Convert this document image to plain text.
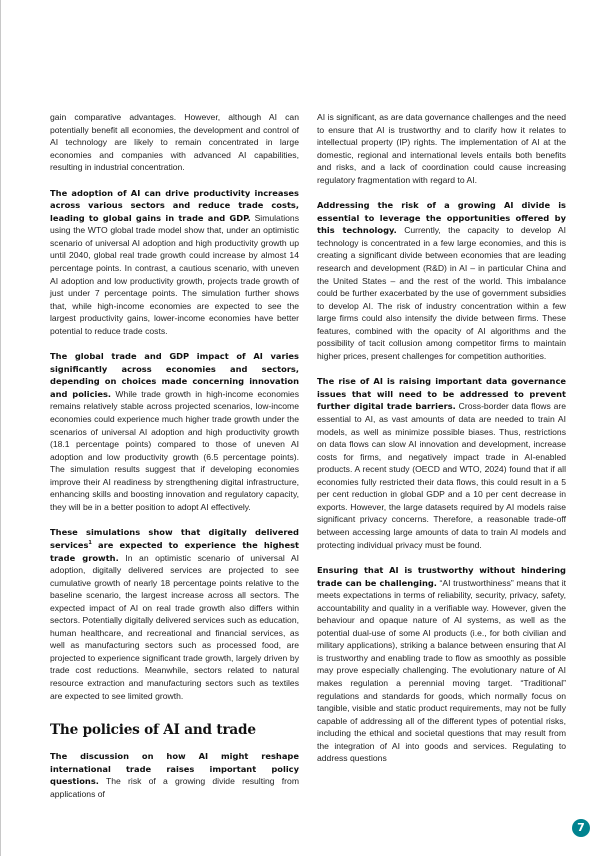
gain comparative advantages. However, although AI can potentially benefit all economies, the development and control of AI technology are likely to remain concentrated in large economies and companies with advanced AI capabilities, resulting in industrial concentration.

The adoption of AI can drive productivity increases across various sectors and reduce trade costs, leading to global gains in trade and GDP. Simulations using the WTO global trade model show that, under an optimistic scenario of universal AI adoption and high productivity growth up until 2040, global real trade growth could increase by almost 14 percentage points. In contrast, a cautious scenario, with uneven AI adoption and low productivity growth, projects trade growth of just under 7 percentage points. The simulation further shows that, while high-income economies are expected to see the largest productivity gains, lower-income economies have better potential to reduce trade costs.

The global trade and GDP impact of AI varies significantly across economies and sectors, depending on choices made concerning innovation and policies. While trade growth in high-income economies remains relatively stable across projected scenarios, low-income economies could experience much higher trade growth under the scenarios of universal AI adoption and high productivity growth (18.1 percentage points) compared to those of uneven AI adoption and low productivity growth (6.5 percentage points). The simulation results suggest that if developing economies improve their AI readiness by strengthening digital infrastructure, enhancing skills and boosting innovation and regulatory capacity, they will be in a better position to adopt AI effectively.

These simulations show that digitally delivered services$^1$ are expected to experience the highest trade growth. In an optimistic scenario of universal AI adoption, digitally delivered services are projected to see cumulative growth of nearly 18 percentage points relative to the baseline scenario, the largest increase across all sectors. The expected impact of AI on real trade growth also differs within sectors. Potentially digitally delivered services such as education, human healthcare, and recreational and financial services, as well as manufacturing sectors such as processed food, are projected to experience significant trade growth, largely driven by trade cost reductions. Meanwhile, sectors related to natural resource extraction and manufacturing sectors such as textiles are expected to see limited growth.

The policies of AI and trade

The discussion on how AI might reshape international trade raises important policy questions. The risk of a growing divide resulting from applications of

AI is significant, as are data governance challenges and the need to ensure that AI is trustworthy and to clarify how it relates to intellectual property (IP) rights. The implementation of AI at the domestic, regional and international levels entails both benefits and risks, and a lack of coordination could cause increasing regulatory fragmentation with regard to AI.

Addressing the risk of a growing AI divide is essential to leverage the opportunities offered by this technology. Currently, the capacity to develop AI technology is concentrated in a few large economies, and this is creating a significant divide between economies that are leading research and development (R&D) in AI – in particular China and the United States – and the rest of the world. This imbalance could be further exacerbated by the use of government subsidies to develop AI. The risk of industry concentration within a few large firms could also intensify the divide between firms. These features, combined with the opacity of AI algorithms and the possibility of tacit collusion among competitor firms to maintain higher prices, present challenges for competition authorities.

The rise of AI is raising important data governance issues that will need to be addressed to prevent further digital trade barriers. Cross-border data flows are essential to AI, as vast amounts of data are needed to train AI models, as well as minimize possible biases. Thus, restrictions on data flows can slow AI innovation and development, increase costs for firms, and negatively impact trade in AI-enabled products. A recent study (OECD and WTO, 2024) found that if all economies fully restricted their data flows, this could result in a 5 per cent reduction in global GDP and a 10 per cent decrease in exports. However, the large datasets required by AI models raise significant privacy concerns. Therefore, a reasonable trade-off between accessing large amounts of data to train AI models and protecting individual privacy must be found.

Ensuring that AI is trustworthy without hindering trade can be challenging. “AI trustworthiness” means that it meets expectations in terms of reliability, security, privacy, safety, accountability and quality in a verifiable way. However, given the behaviour and opaque nature of AI systems, as well as the potential dual-use of some AI products (i.e., for both civilian and military applications), striking a balance between ensuring that AI is trustworthy and enabling trade to flow as smoothly as possible may prove especially challenging. The evolutionary nature of AI makes regulation a perennial moving target. “Traditional” regulations and standards for goods, which normally focus on tangible, visible and static product requirements, may not be fully capable of addressing all of the different types of potential risks, including the ethical and societal questions that may result from the integration of AI into goods and services. Regulating to address questions

7
